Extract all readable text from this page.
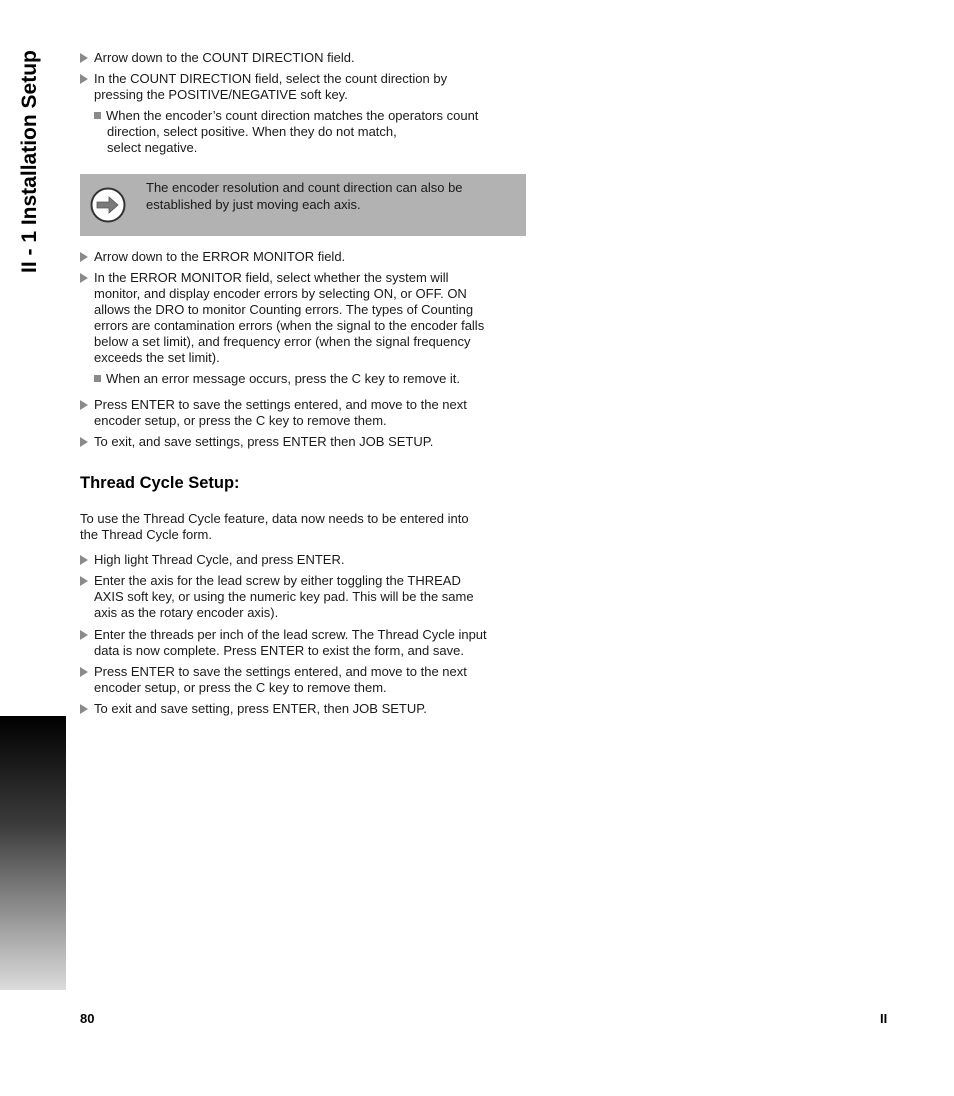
II - 1 Installation Setup	Arrow down to the COUNT DIRECTION field.
In the COUNT DIRECTION field, select the count direction by
pressing the POSITIVE/NEGATIVE soft key.
When the encoder’s count direction matches the operators count
direction, select positive. When they do not match,
select negative.
The encoder resolution and count direction can also be
established by just moving each axis.
Arrow down to the ERROR MONITOR field.
In the ERROR MONITOR field, select whether the system will
monitor, and display encoder errors by selecting ON, or OFF. ON
allows the DRO to monitor Counting errors. The types of Counting
errors are contamination errors (when the signal to the encoder falls
below a set limit), and frequency error (when the signal frequency
exceeds the set limit).
When an error message occurs, press the C key to remove it.
Press ENTER to save the settings entered, and move to the next
encoder setup, or press the C key to remove them.
To exit, and save settings, press ENTER then JOB SETUP.
Thread Cycle Setup:
To use the Thread Cycle feature, data now needs to be entered into
the Thread Cycle form.
High light Thread Cycle, and press ENTER.
Enter the axis for the lead screw by either toggling the THREAD
AXIS soft key, or using the numeric key pad. This will be the same
axis as the rotary encoder axis).
Enter the threads per inch of the lead screw. The Thread Cycle input
data is now complete. Press ENTER to exist the form, and save.
Press ENTER to save the settings entered, and move to the next
encoder setup, or press the C key to remove them.
To exit and save setting, press ENTER, then JOB SETUP.
80	II
